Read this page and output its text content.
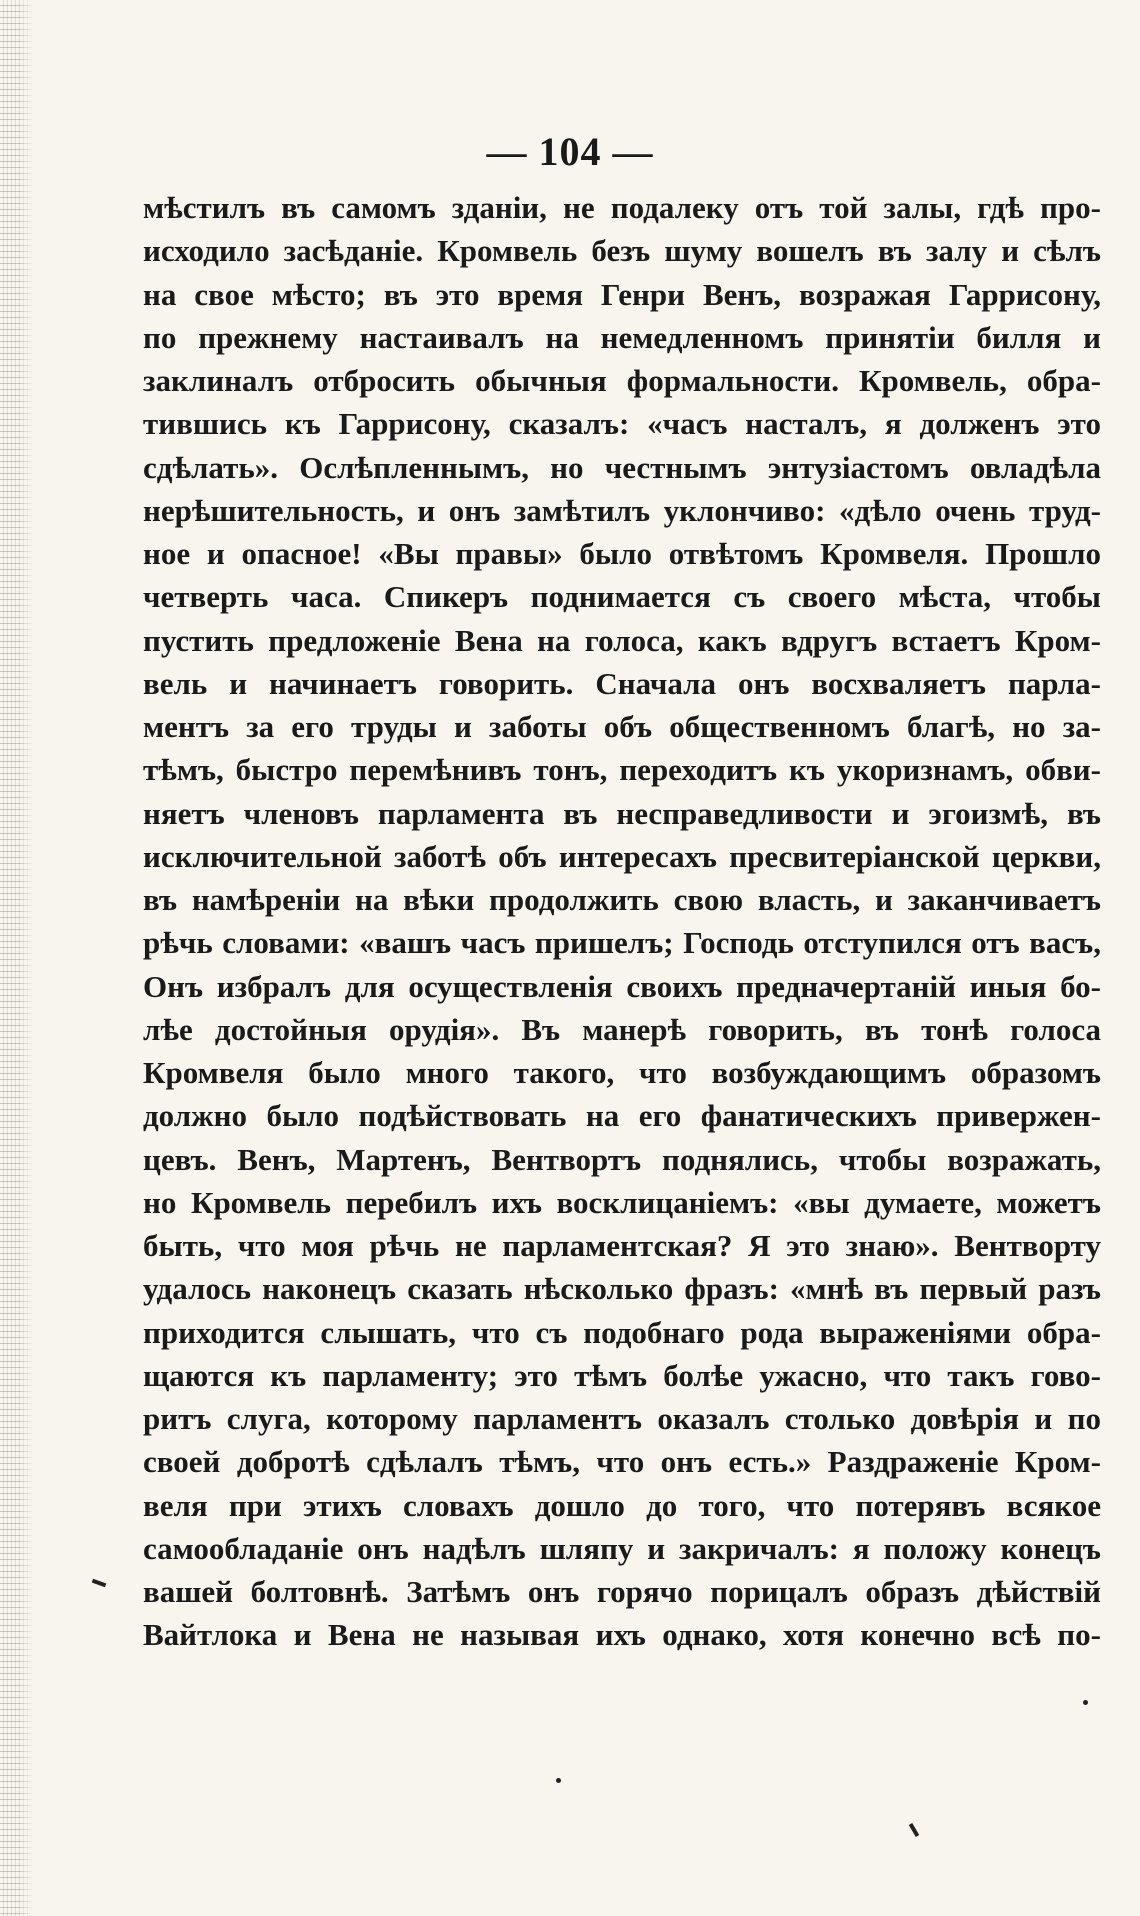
— 104 —
мѣстилъ въ самомъ зданіи, не подалеку отъ той залы, гдѣ про-
исходило засѣданіе. Кромвель безъ шуму вошелъ въ залу и сѣлъ
на свое мѣсто; въ это время Генри Венъ, возражая Гаррисону,
по прежнему настаивалъ на немедленномъ принятіи билля и
заклиналъ отбросить обычныя формальности. Кромвель, обра-
тившись къ Гаррисону, сказалъ: «часъ насталъ, я долженъ это
сдѣлать». Ослѣпленнымъ, но честнымъ энтузіастомъ овладѣла
нерѣшительность, и онъ замѣтилъ уклончиво: «дѣло очень труд-
ное и опасное! «Вы правы» было отвѣтомъ Кромвеля. Прошло
четверть часа. Спикеръ поднимается съ своего мѣста, чтобы
пустить предложеніе Вена на голоса, какъ вдругъ встаетъ Кром-
вель и начинаетъ говорить. Сначала онъ восхваляетъ парла-
ментъ за его труды и заботы объ общественномъ благѣ, но за-
тѣмъ, быстро перемѣнивъ тонъ, переходитъ къ укоризнамъ, обви-
няетъ членовъ парламента въ несправедливости и эгоизмѣ, въ
исключительной заботѣ объ интересахъ пресвитеріанской церкви,
въ намѣреніи на вѣки продолжить свою власть, и заканчиваетъ
рѣчь словами: «вашъ часъ пришелъ; Господь отступился отъ васъ,
Онъ избралъ для осуществленія своихъ предначертаній иныя бо-
лѣе достойныя орудія». Въ манерѣ говорить, въ тонѣ голоса
Кромвеля было много такого, что возбуждающимъ образомъ
должно было подѣйствовать на его фанатическихъ привержен-
цевъ. Венъ, Мартенъ, Вентвортъ поднялись, чтобы возражать,
но Кромвель перебилъ ихъ восклицаніемъ: «вы думаете, можетъ
быть, что моя рѣчь не парламентская? Я это знаю». Вентворту
удалось наконецъ сказать нѣсколько фразъ: «мнѣ въ первый разъ
приходится слышать, что съ подобнаго рода выраженіями обра-
щаются къ парламенту; это тѣмъ болѣе ужасно, что такъ гово-
ритъ слуга, которому парламентъ оказалъ столько довѣрія и по
своей добротѣ сдѣлалъ тѣмъ, что онъ есть.» Раздраженіе Кром-
веля при этихъ словахъ дошло до того, что потерявъ всякое
самообладаніе онъ надѣлъ шляпу и закричалъ: я положу конецъ
вашей болтовнѣ. Затѣмъ онъ горячо порицалъ образъ дѣйствій
Вайтлока и Вена не называя ихъ однако, хотя конечно всѣ по-
